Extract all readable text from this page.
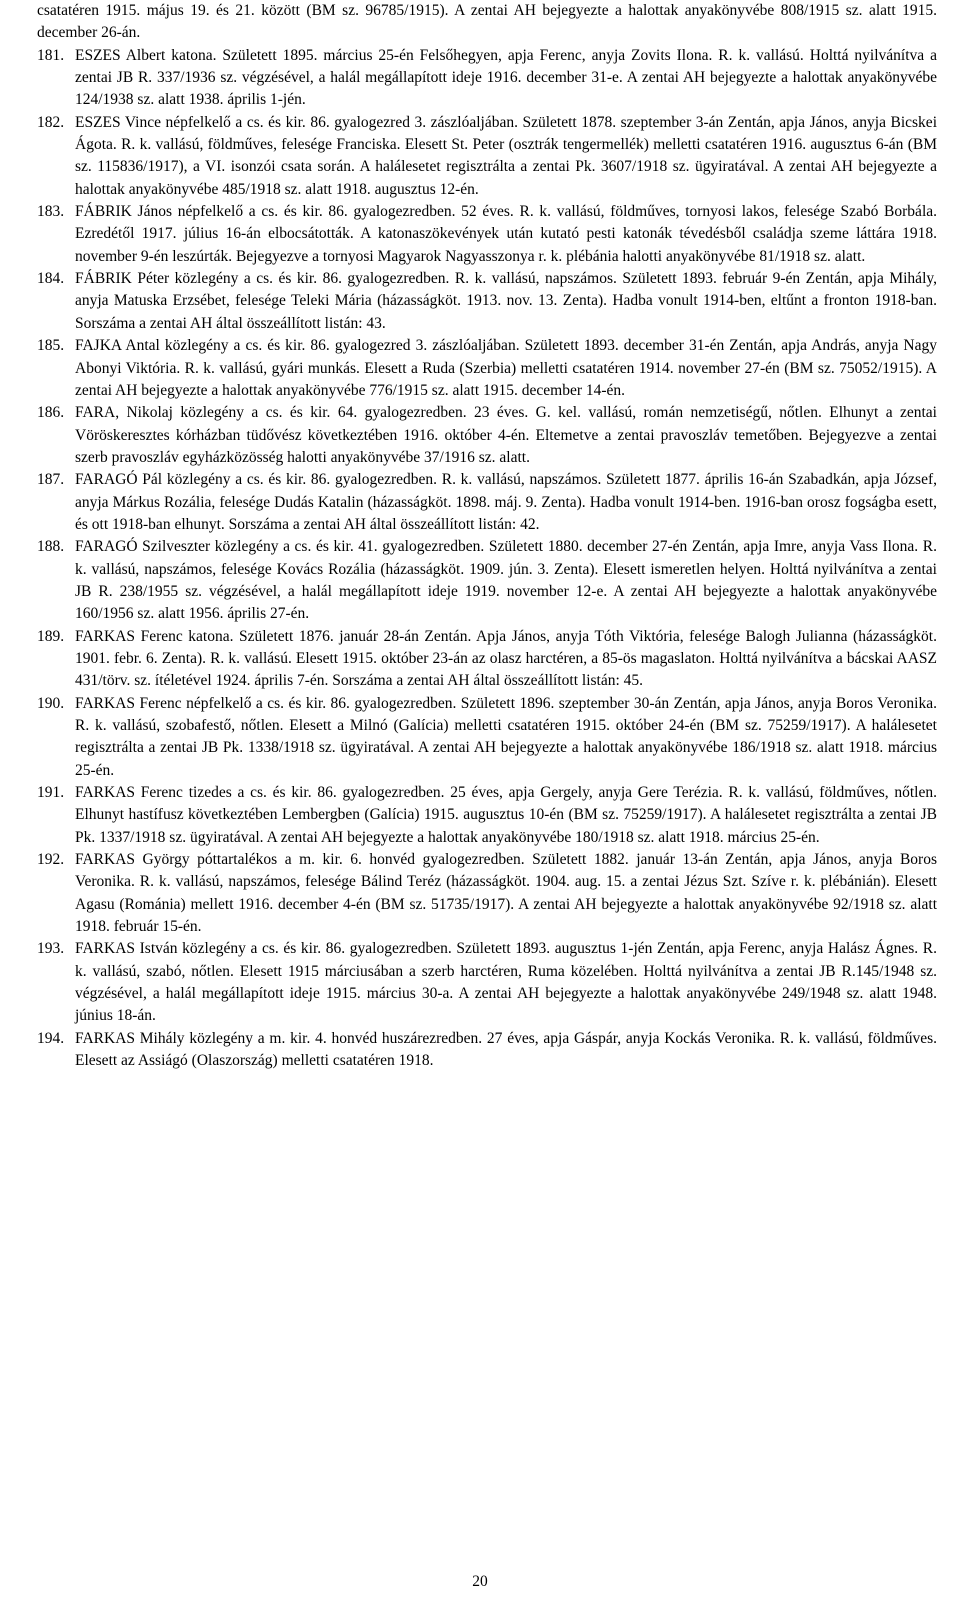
csatatéren 1915. május 19. és 21. között (BM sz. 96785/1915). A zentai AH bejegyezte a halottak anyakönyvébe 808/1915 sz. alatt 1915. december 26-án.

181. ESZES Albert katona. Született 1895. március 25-én Felsőhegyen, apja Ferenc, anyja Zovits Ilona. R. k. vallású. Holttá nyilvánítva a zentai JB R. 337/1936 sz. végzésével, a halál megállapított ideje 1916. december 31-e. A zentai AH bejegyezte a halottak anyakönyvébe 124/1938 sz. alatt 1938. április 1-jén.
182. ESZES Vince népfelkelő a cs. és kir. 86. gyalogezred 3. zászlóaljában. Született 1878. szeptember 3-án Zentán, apja János, anyja Bicskei Ágota. R. k. vallású, földműves, felesége Franciska. Elesett St. Peter (osztrák tengermellék) melletti csatatéren 1916. augusztus 6-án (BM sz. 115836/1917), a VI. isonzói csata során. A halálesetet regisztrálta a zentai Pk. 3607/1918 sz. ügyiratával. A zentai AH bejegyezte a halottak anyakönyvébe 485/1918 sz. alatt 1918. augusztus 12-én.
183. FÁBRIK János népfelkelő a cs. és kir. 86. gyalogezredben. 52 éves. R. k. vallású, földműves, tornyosi lakos, felesége Szabó Borbála. Ezredétől 1917. július 16-án elbocsátották. A katonaszökevények után kutató pesti katonák tévedésből családja szeme láttára 1918. november 9-én leszúrták. Bejegyezve a tornyosi Magyarok Nagyasszonya r. k. plébánia halotti anyakönyvébe 81/1918 sz. alatt.
184. FÁBRIK Péter közlegény a cs. és kir. 86. gyalogezredben. R. k. vallású, napszámos. Született 1893. február 9-én Zentán, apja Mihály, anyja Matuska Erzsébet, felesége Teleki Mária (házasságköt. 1913. nov. 13. Zenta). Hadba vonult 1914-ben, eltűnt a fronton 1918-ban. Sorszáma a zentai AH által összeállított listán: 43.
185. FAJKA Antal közlegény a cs. és kir. 86. gyalogezred 3. zászlóaljában. Született 1893. december 31-én Zentán, apja András, anyja Nagy Abonyi Viktória. R. k. vallású, gyári munkás. Elesett a Ruda (Szerbia) melletti csatatéren 1914. november 27-én (BM sz. 75052/1915). A zentai AH bejegyezte a halottak anyakönyvébe 776/1915 sz. alatt 1915. december 14-én.
186. FARA, Nikolaj közlegény a cs. és kir. 64. gyalogezredben. 23 éves. G. kel. vallású, román nemzetiségű, nőtlen. Elhunyt a zentai Vöröskeresztes kórházban tüdővész következtében 1916. október 4-én. Eltemetve a zentai pravoszláv temetőben. Bejegyezve a zentai szerb pravoszláv egyházközösség halotti anyakönyvébe 37/1916 sz. alatt.
187. FARAGÓ Pál közlegény a cs. és kir. 86. gyalogezredben. R. k. vallású, napszámos. Született 1877. április 16-án Szabadkán, apja József, anyja Márkus Rozália, felesége Dudás Katalin (házasságköt. 1898. máj. 9. Zenta). Hadba vonult 1914-ben. 1916-ban orosz fogságba esett, és ott 1918-ban elhunyt. Sorszáma a zentai AH által összeállított listán: 42.
188. FARAGÓ Szilveszter közlegény a cs. és kir. 41. gyalogezredben. Született 1880. december 27-én Zentán, apja Imre, anyja Vass Ilona. R. k. vallású, napszámos, felesége Kovács Rozália (házasságköt. 1909. jún. 3. Zenta). Elesett ismeretlen helyen. Holttá nyilvánítva a zentai JB R. 238/1955 sz. végzésével, a halál megállapított ideje 1919. november 12-e. A zentai AH bejegyezte a halottak anyakönyvébe 160/1956 sz. alatt 1956. április 27-én.
189. FARKAS Ferenc katona. Született 1876. január 28-án Zentán. Apja János, anyja Tóth Viktória, felesége Balogh Julianna (házasságköt. 1901. febr. 6. Zenta). R. k. vallású. Elesett 1915. október 23-án az olasz harctéren, a 85-ös magaslaton. Holttá nyilvánítva a bácskai AASZ 431/törv. sz. ítéletével 1924. április 7-én. Sorszáma a zentai AH által összeállított listán: 45.
190. FARKAS Ferenc népfelkelő a cs. és kir. 86. gyalogezredben. Született 1896. szeptember 30-án Zentán, apja János, anyja Boros Veronika. R. k. vallású, szobafestő, nőtlen. Elesett a Milnó (Galícia) melletti csatatéren 1915. október 24-én (BM sz. 75259/1917). A halálesetet regisztrálta a zentai JB Pk. 1338/1918 sz. ügyiratával. A zentai AH bejegyezte a halottak anyakönyvébe 186/1918 sz. alatt 1918. március 25-én.
191. FARKAS Ferenc tizedes a cs. és kir. 86. gyalogezredben. 25 éves, apja Gergely, anyja Gere Terézia. R. k. vallású, földműves, nőtlen. Elhunyt hastífusz következtében Lembergben (Galícia) 1915. augusztus 10-én (BM sz. 75259/1917). A halálesetet regisztrálta a zentai JB Pk. 1337/1918 sz. ügyiratával. A zentai AH bejegyezte a halottak anyakönyvébe 180/1918 sz. alatt 1918. március 25-én.
192. FARKAS György póttartalékos a m. kir. 6. honvéd gyalogezredben. Született 1882. január 13-án Zentán, apja János, anyja Boros Veronika. R. k. vallású, napszámos, felesége Bálind Teréz (házasságköt. 1904. aug. 15. a zentai Jézus Szt. Szíve r. k. plébánián). Elesett Agasu (Románia) mellett 1916. december 4-én (BM sz. 51735/1917). A zentai AH bejegyezte a halottak anyakönyvébe 92/1918 sz. alatt 1918. február 15-én.
193. FARKAS István közlegény a cs. és kir. 86. gyalogezredben. Született 1893. augusztus 1-jén Zentán, apja Ferenc, anyja Halász Ágnes. R. k. vallású, szabó, nőtlen. Elesett 1915 márciusában a szerb harctéren, Ruma közelében. Holttá nyilvánítva a zentai JB R.145/1948 sz. végzésével, a halál megállapított ideje 1915. március 30-a. A zentai AH bejegyezte a halottak anyakönyvébe 249/1948 sz. alatt 1948. június 18-án.
194. FARKAS Mihály közlegény a m. kir. 4. honvéd huszárezredben. 27 éves, apja Gáspár, anyja Kockás Veronika. R. k. vallású, földműves. Elesett az Assiágó (Olaszország) melletti csatatéren 1918.
20
